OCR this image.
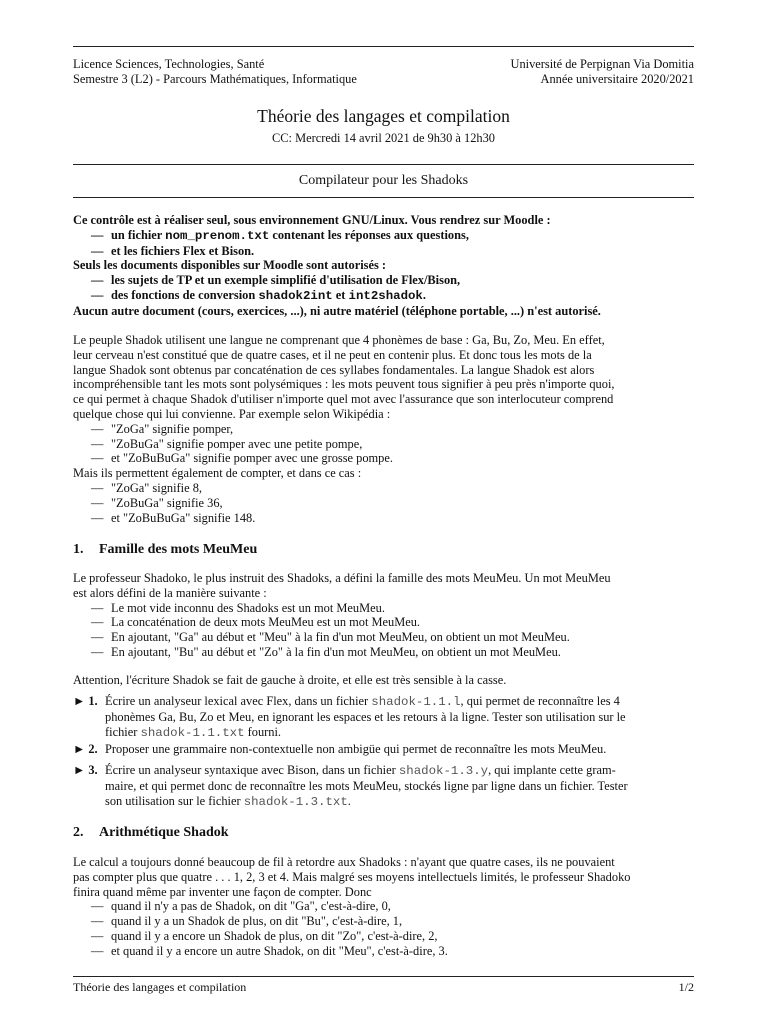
Licence Sciences, Technologies, Santé	Université de Perpignan Via Domitia
Semestre 3 (L2) - Parcours Mathématiques, Informatique	Année universitaire 2020/2021
Théorie des langages et compilation
CC: Mercredi 14 avril 2021 de 9h30 à 12h30
Compilateur pour les Shadoks
Ce contrôle est à réaliser seul, sous environnement GNU/Linux. Vous rendrez sur Moodle :
— un fichier nom_prenom.txt contenant les réponses aux questions,
— et les fichiers Flex et Bison.
Seuls les documents disponibles sur Moodle sont autorisés :
— les sujets de TP et un exemple simplifié d'utilisation de Flex/Bison,
— des fonctions de conversion shadok2int et int2shadok.
Aucun autre document (cours, exercices, ...), ni autre matériel (téléphone portable, ...) n'est autorisé.
Le peuple Shadok utilisent une langue ne comprenant que 4 phonèmes de base : Ga, Bu, Zo, Meu. En effet,
leur cerveau n'est constitué que de quatre cases, et il ne peut en contenir plus. Et donc tous les mots de la
langue Shadok sont obtenus par concaténation de ces syllabes fondamentales. La langue Shadok est alors
incompréhensible tant les mots sont polysémiques : les mots peuvent tous signifier à peu près n'importe quoi,
ce qui permet à chaque Shadok d'utiliser n'importe quel mot avec l'assurance que son interlocuteur comprend
quelque chose qui lui convienne. Par exemple selon Wikipédia :
— "ZoGa" signifie pomper,
— "ZoBuGa" signifie pomper avec une petite pompe,
— et "ZoBuBuGa" signifie pomper avec une grosse pompe.
Mais ils permettent également de compter, et dans ce cas :
— "ZoGa" signifie 8,
— "ZoBuGa" signifie 36,
— et "ZoBuBuGa" signifie 148.
1. Famille des mots MeuMeu
Le professeur Shadoko, le plus instruit des Shadoks, a défini la famille des mots MeuMeu. Un mot MeuMeu
est alors défini de la manière suivante :
— Le mot vide inconnu des Shadoks est un mot MeuMeu.
— La concaténation de deux mots MeuMeu est un mot MeuMeu.
— En ajoutant, "Ga" au début et "Meu" à la fin d'un mot MeuMeu, on obtient un mot MeuMeu.
— En ajoutant, "Bu" au début et "Zo" à la fin d'un mot MeuMeu, on obtient un mot MeuMeu.
Attention, l'écriture Shadok se fait de gauche à droite, et elle est très sensible à la casse.
► 1. Écrire un analyseur lexical avec Flex, dans un fichier shadok-1.1.l, qui permet de reconnaître les 4
phonèmes Ga, Bu, Zo et Meu, en ignorant les espaces et les retours à la ligne. Tester son utilisation sur le
fichier shadok-1.1.txt fourni.
► 2. Proposer une grammaire non-contextuelle non ambigüe qui permet de reconnaître les mots MeuMeu.
► 3. Écrire un analyseur syntaxique avec Bison, dans un fichier shadok-1.3.y, qui implante cette gram-
maire, et qui permet donc de reconnaître les mots MeuMeu, stockés ligne par ligne dans un fichier. Tester
son utilisation sur le fichier shadok-1.3.txt.
2. Arithmétique Shadok
Le calcul a toujours donné beaucoup de fil à retordre aux Shadoks : n'ayant que quatre cases, ils ne pouvaient
pas compter plus que quatre . . . 1, 2, 3 et 4. Mais malgré ses moyens intellectuels limités, le professeur Shadoko
finira quand même par inventer une façon de compter. Donc
— quand il n'y a pas de Shadok, on dit "Ga", c'est-à-dire, 0,
— quand il y a un Shadok de plus, on dit "Bu", c'est-à-dire, 1,
— quand il y a encore un Shadok de plus, on dit "Zo", c'est-à-dire, 2,
— et quand il y a encore un autre Shadok, on dit "Meu", c'est-à-dire, 3.
Théorie des langages et compilation	1/2
